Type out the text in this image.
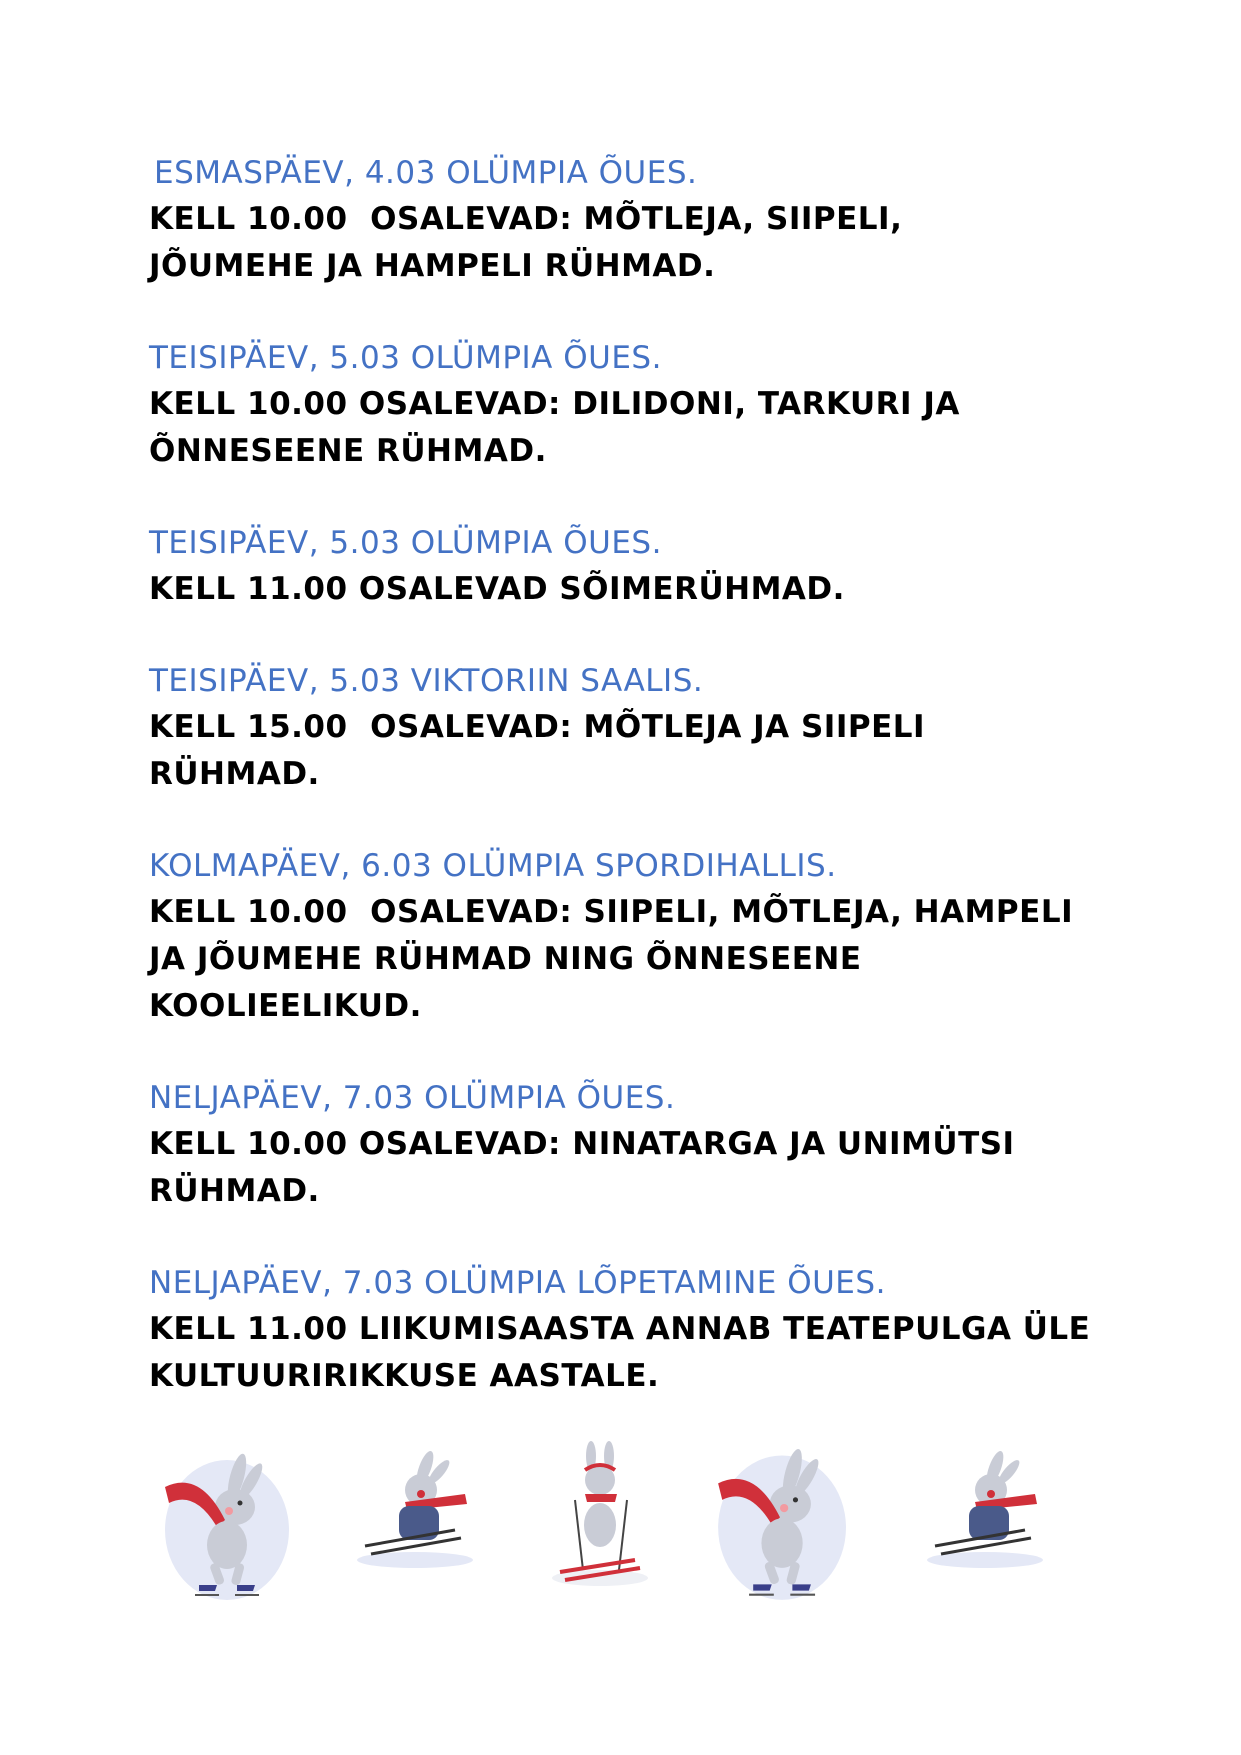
ESMASPÄEV, 4.03 OLÜMPIA ÕUES.
KELL 10.00  OSALEVAD: MÕTLEJA, SIIPELI,
JÕUMEHE JA HAMPELI RÜHMAD.
TEISIPÄEV, 5.03 OLÜMPIA ÕUES.
KELL 10.00 OSALEVAD: DILIDONI, TARKURI JA
ÕNNESEENE RÜHMAD.
TEISIPÄEV, 5.03 OLÜMPIA ÕUES.
KELL 11.00 OSALEVAD SÕIMERÜHMAD.
TEISIPÄEV, 5.03 VIKTORIIN SAALIS.
KELL 15.00  OSALEVAD: MÕTLEJA JA SIIPELI
RÜHMAD.
KOLMAPÄEV, 6.03 OLÜMPIA SPORDIHALLIS.
KELL 10.00  OSALEVAD: SIIPELI, MÕTLEJA, HAMPELI
JA JÕUMEHE RÜHMAD NING ÕNNESEENE
KOOLIEELIKUD.
NELJAPÄEV, 7.03 OLÜMPIA ÕUES.
KELL 10.00 OSALEVAD: NINATARGA JA UNIMÜTSI
RÜHMAD.
NELJAPÄEV, 7.03 OLÜMPIA LÕPETAMINE ÕUES.
KELL 11.00 LIIKUMISAASTA ANNAB TEATEPULGA ÜLE
KULTUURIRIKKUSE AASTALE.
